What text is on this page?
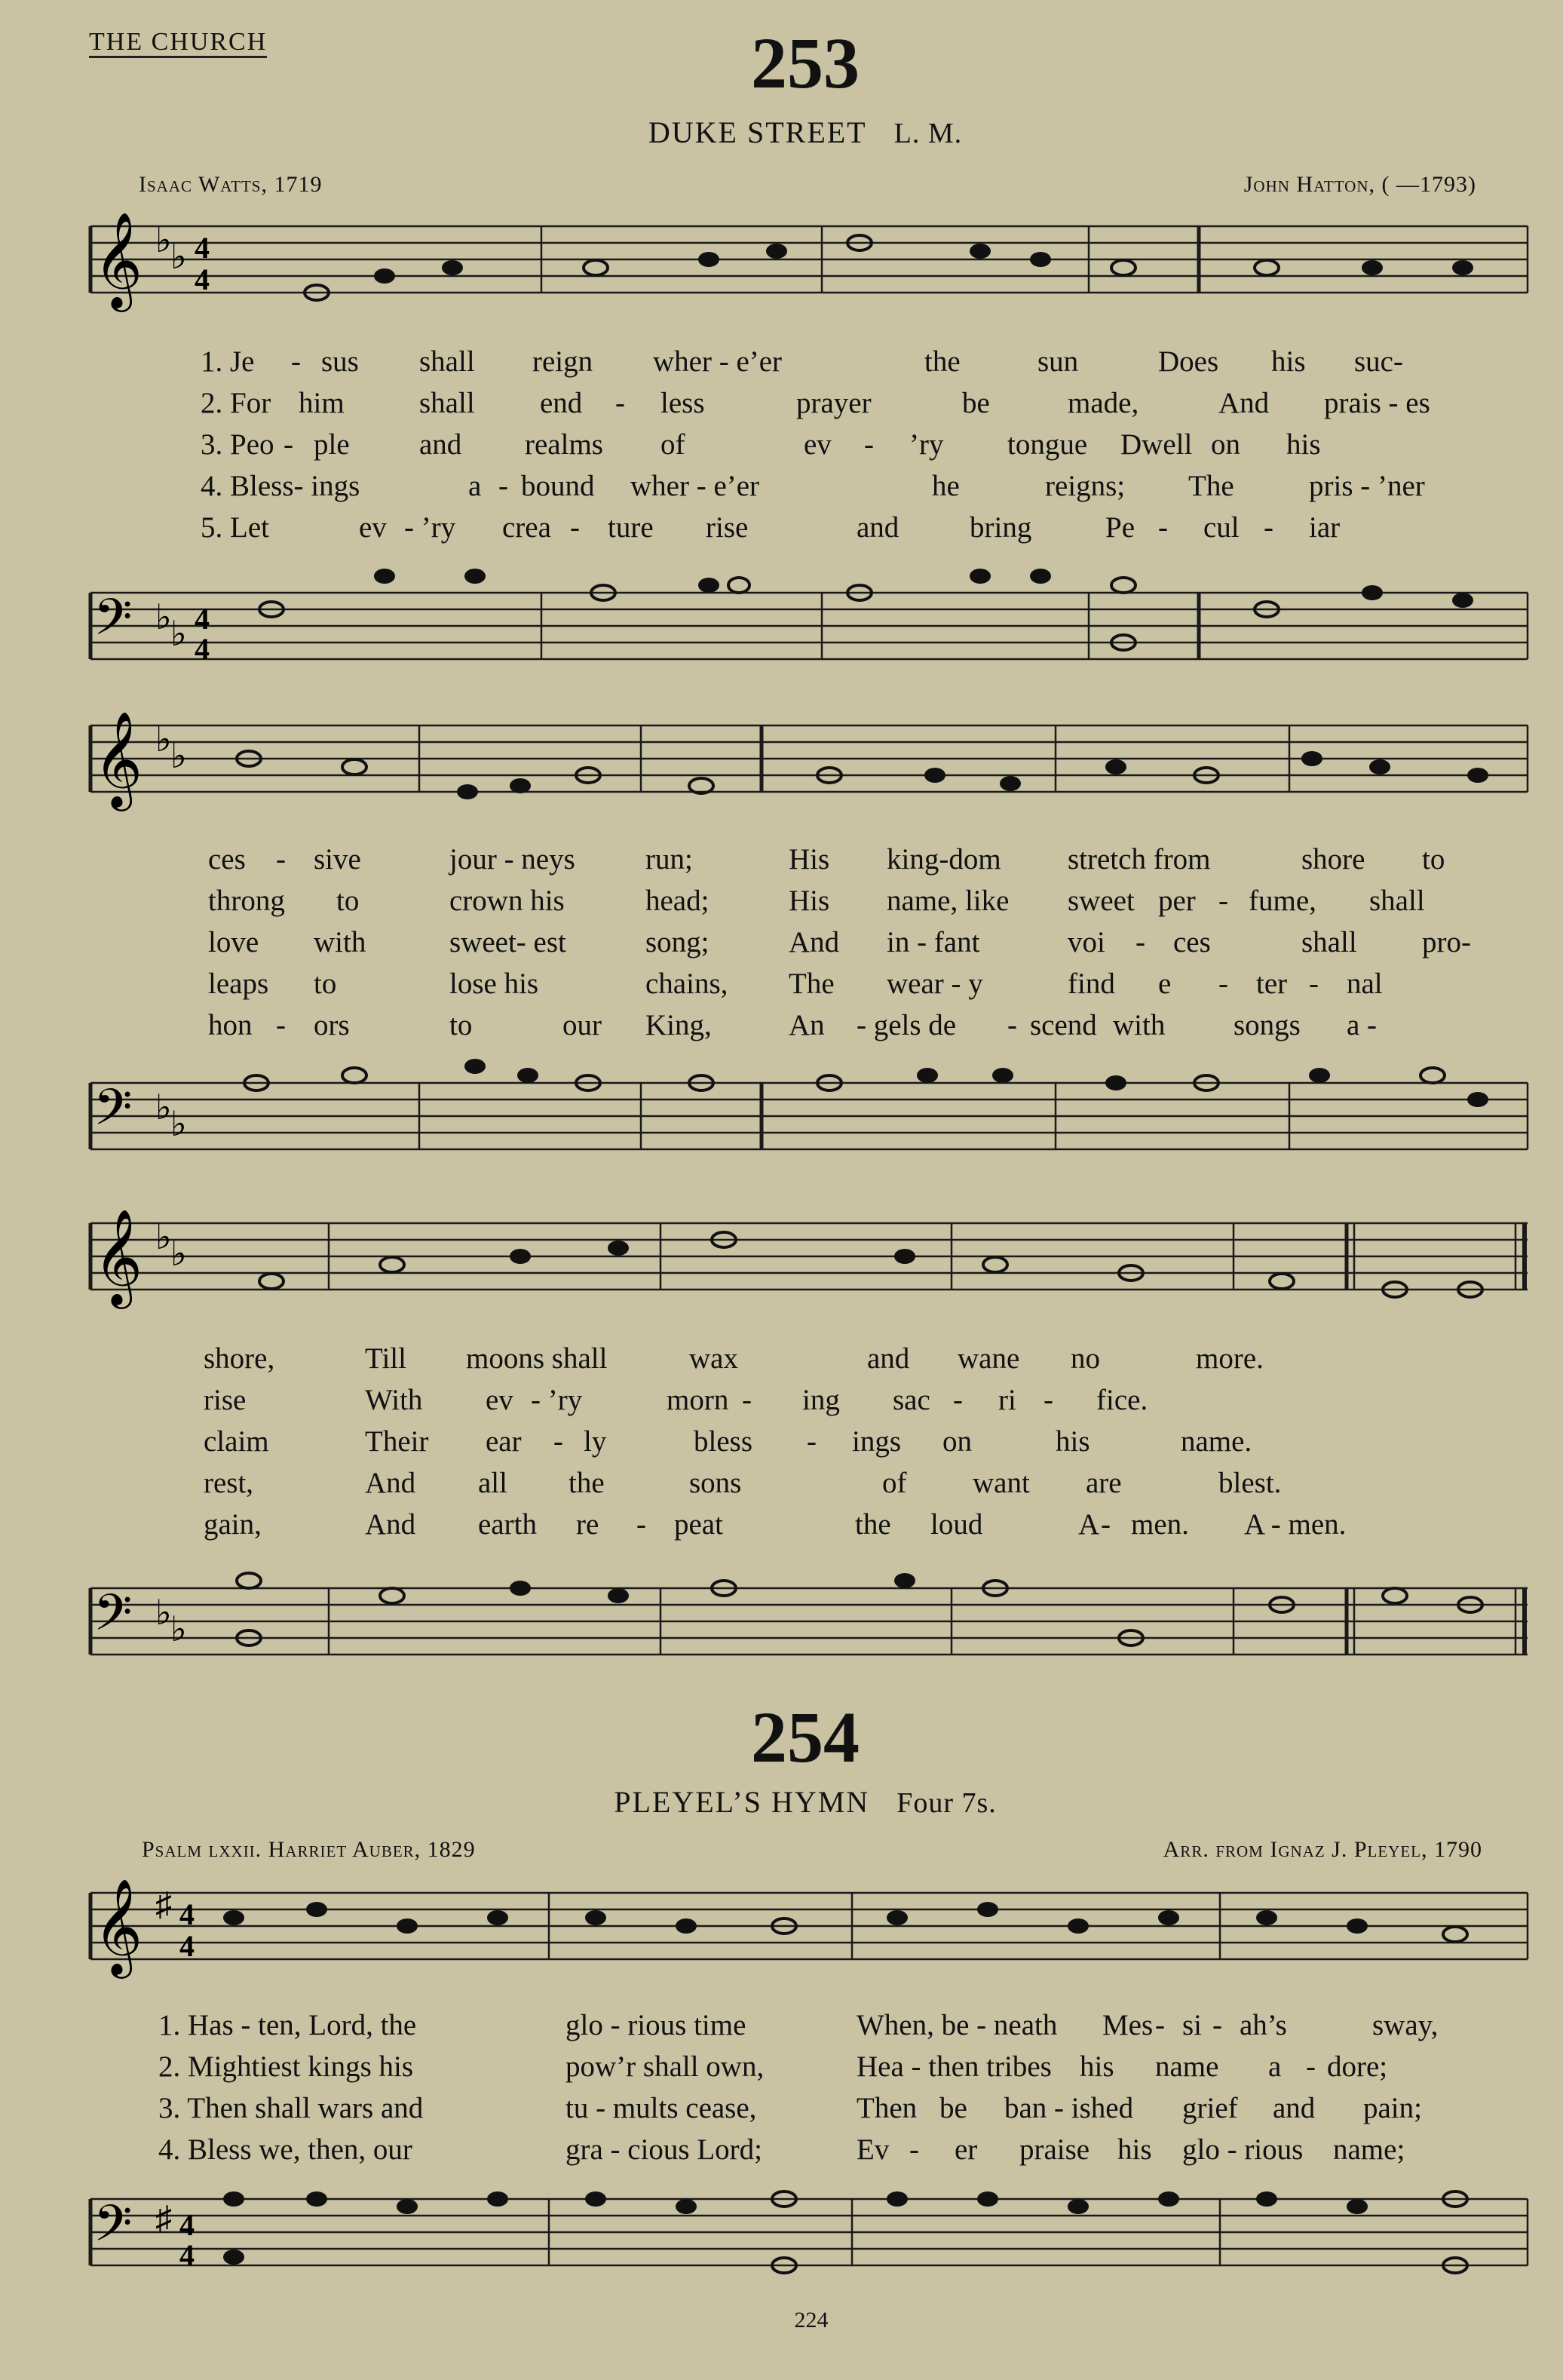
THE CHURCH	253
DUKE STREET L. M.
Isaac Watts, 1719	John Hatton, ( —1793)
𝄞 ♭
♭ 4
4
1. Je - sus shall reign wher - e’er	the	sun	Does his suc-
2. For him	shall end - less	prayer	be	made,	And prais - es
3. Peo - ple and realms of	ev - ’ry tongue Dwell on his
4. Bless- ings	a - bound wher - e’er	he	reigns; The	pris - ’ner
5. Let	ev - ’ry crea - ture rise	and bring	Pe - cul - iar
𝄢 ♭
♭ 4
4
𝄞 ♭
♭
ces - sive	jour - neys run;	His king-dom stretch from	shore to
throng to	crown his	head;	His name, like sweet per - fume, shall
love with	sweet- est	song;	And in - fant	voi - ces	shall pro-
leaps to	lose his	chains, The wear - y	find e - ter - nal
hon - ors	to	our King,	An - gels de - scend with songs a -
𝄢 ♭
♭
𝄞 ♭
♭
shore,	Till moons shall	wax	and wane no	more.
rise	With ev - ’ry	morn - ing sac - ri - fice.
claim	Their ear - ly	bless - ings on	his	name.
rest,	And all the	sons	of want are	blest.
gain,	And earth re - peat	the loud	A- men. A - men.
𝄢 ♭
♭
254
PLEYEL’S HYMN Four 7s.
Psalm lxxii. Harriet Auber, 1829	Arr. from Ignaz J. Pleyel, 1790
𝄞 ♯ 4
4
1. Has - ten, Lord, the	glo - rious time	When, be - neath Mes- si - ah’s	sway,
2. Mightiest kings his	pow’r shall own,	Hea - then tribes his name a - dore;
3. Then shall wars and	tu - mults cease,	Then be ban - ished grief and pain;
4. Bless we, then, our	gra - cious Lord;	Ev - er praise his glo - rious name;
𝄢 ♯ 4
4
224
